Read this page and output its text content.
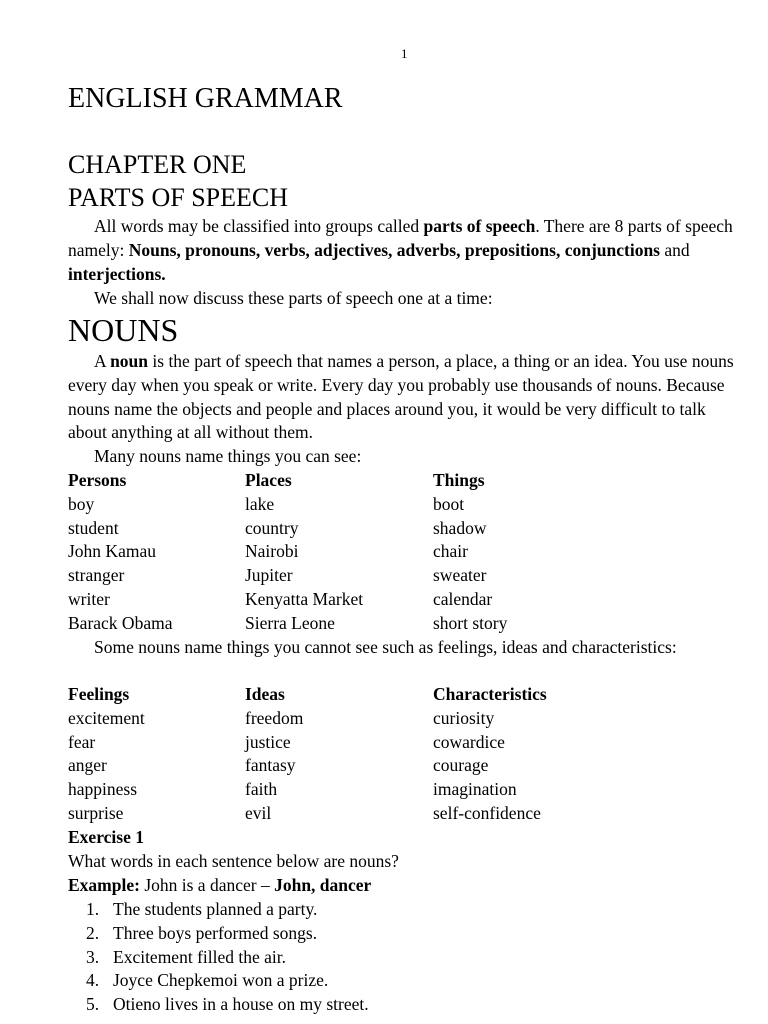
1
ENGLISH GRAMMAR
CHAPTER ONE
PARTS OF SPEECH

All words may be classified into groups called parts of speech. There are 8 parts of speech namely: Nouns, pronouns, verbs, adjectives, adverbs, prepositions, conjunctions and interjections.

We shall now discuss these parts of speech one at a time:

NOUNS

A noun is the part of speech that names a person, a place, a thing or an idea. You use nouns every day when you speak or write. Every day you probably use thousands of nouns. Because nouns name the objects and people and places around you, it would be very difficult to talk about anything at all without them.

Many nouns name things you can see:

Persons	Places	Things
boy	lake	boot
student	country	shadow
John Kamau	Nairobi	chair
stranger	Jupiter	sweater
writer	Kenyatta Market	calendar
Barack Obama	Sierra Leone	short story

Some nouns name things you cannot see such as feelings, ideas and characteristics:

Feelings	Ideas	Characteristics
excitement	freedom	curiosity
fear	justice	cowardice
anger	fantasy	courage
happiness	faith	imagination
surprise	evil	self-confidence
Exercise 1
What words in each sentence below are nouns?
Example: John is a dancer – John, dancer
1. The students planned a party.
2. Three boys performed songs.
3. Excitement filled the air.
4. Joyce Chepkemoi won a prize.
5. Otieno lives in a house on my street.
